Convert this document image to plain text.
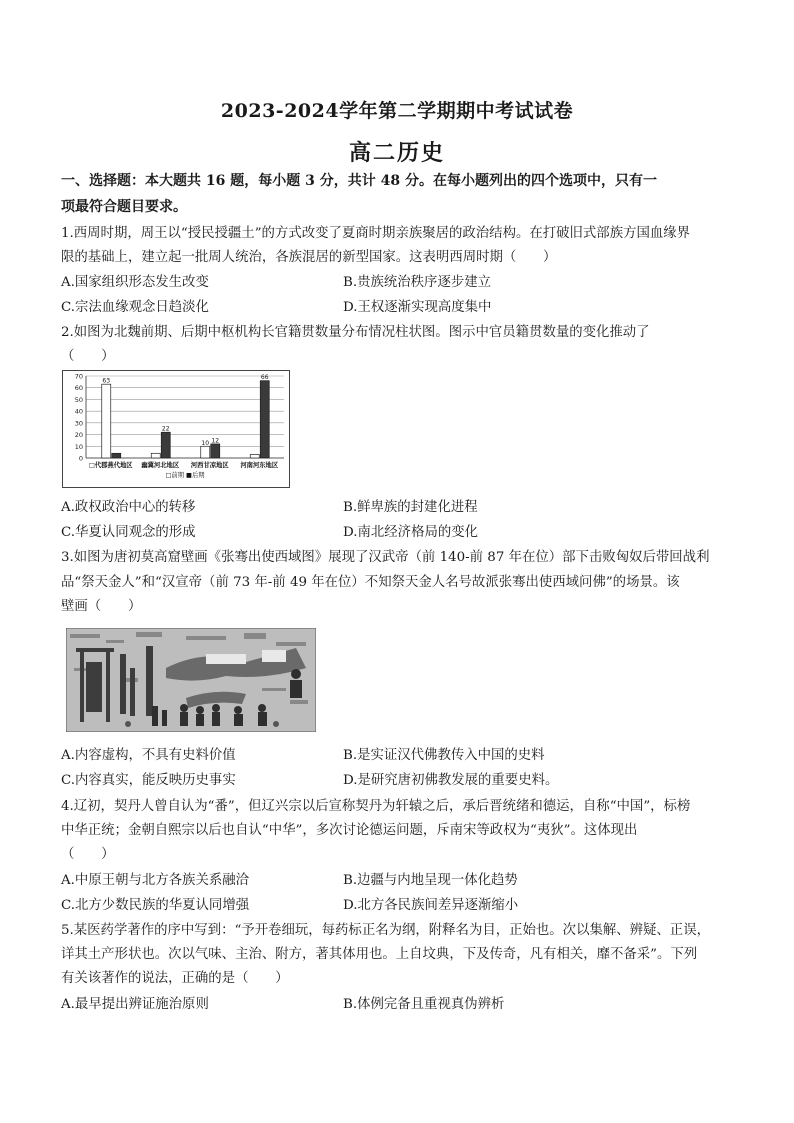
2023-2024学年第二学期期中考试试卷
高二历史
一、选择题：本大题共 16 题，每小题 3 分，共计 48 分。在每小题列出的四个选项中，只有一
项最符合题目要求。
1.西周时期，周王以“授民授疆土”的方式改变了夏商时期亲族聚居的政治结构。在打破旧式部族方国血缘界
限的基础上，建立起一批周人统治，各族混居的新型国家。这表明西周时期（　　）
A.国家组织形态发生改变	B.贵族统治秩序逐步建立
C.宗法血缘观念日趋淡化	D.王权逐渐实现高度集中
2.如图为北魏前期、后期中枢机构长官籍贯数量分布情况柱状图。图示中官员籍贯数量的变化推动了
（　　）
0
10
20
30
40
50
60
70
63
□代郡燕代地区
22
幽冀河北地区
10 12
河西甘凉地区
66
河南河东地区
□前期 ■后期
A.政权政治中心的转移	B.鲜卑族的封建化进程
C.华夏认同观念的形成	D.南北经济格局的变化
3.如图为唐初莫高窟壁画《张骞出使西域图》展现了汉武帝（前 140-前 87 年在位）部下击败匈奴后带回战利
品“祭天金人”和“汉宣帝（前 73 年-前 49 年在位）不知祭天金人名号故派张骞出使西域问佛”的场景。该
壁画（　　）
A.内容虚构，不具有史料价值	B.是实证汉代佛教传入中国的史料
C.内容真实，能反映历史事实	D.是研究唐初佛教发展的重要史料。
4.辽初，契丹人曾自认为“番”，但辽兴宗以后宣称契丹为轩辕之后，承后晋统绪和德运，自称“中国”，标榜
中华正统；金朝自熙宗以后也自认“中华”，多次讨论德运问题，斥南宋等政权为“夷狄”。这体现出
（　　）
A.中原王朝与北方各族关系融洽	B.边疆与内地呈现一体化趋势
C.北方少数民族的华夏认同增强	D.北方各民族间差异逐渐缩小
5.某医药学著作的序中写到：“予开卷细玩，每药标正名为纲，附释名为目，正始也。次以集解、辨疑、正误，
详其土产形状也。次以气味、主治、附方，著其体用也。上自坟典，下及传奇，凡有相关，靡不备采”。下列
有关该著作的说法，正确的是（　　）
A.最早提出辨证施治原则	B.体例完备且重视真伪辨析
